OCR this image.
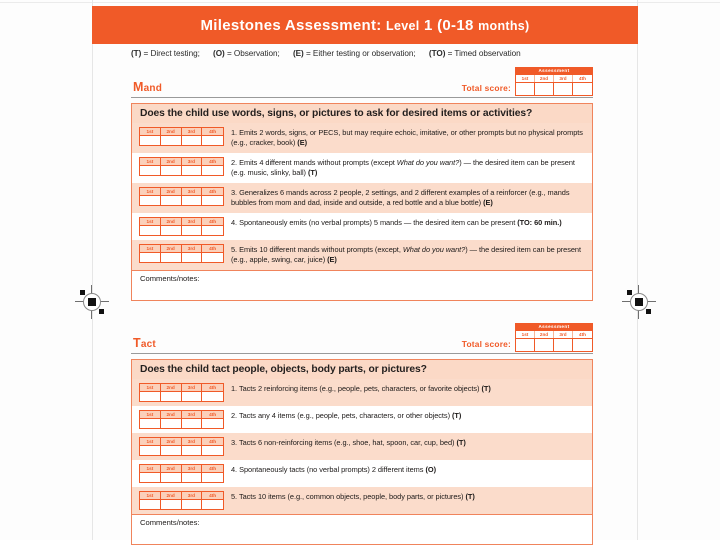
Milestones Assessment: Level 1 (0-18 months)
(T) = Direct testing; (O) = Observation; (E) = Either testing or observation; (TO) = Timed observation
Mand	Total score:
Assessment
1st	2nd	3rd	4th
Does the child use words, signs, or pictures to ask for desired items or activities?
1st	2nd	3rd	4th	1. Emits 2 words, signs, or PECS, but may require echoic, imitative, or other prompts but no physical prompts (e.g., cracker, book) (E)
1st	2nd	3rd	4th	2. Emits 4 different mands without prompts (except What do you want?) — the desired item can be present (e.g. music, slinky, ball) (T)
1st	2nd	3rd	4th	3. Generalizes 6 mands across 2 people, 2 settings, and 2 different examples of a reinforcer (e.g., mands bubbles from mom and dad, inside and outside, a red bottle and a blue bottle) (E)
1st	2nd	3rd	4th	4. Spontaneously emits (no verbal prompts) 5 mands — the desired item can be present (TO: 60 min.)
1st	2nd	3rd	4th	5. Emits 10 different mands without prompts (except, What do you want?) — the desired item can be present (e.g., apple, swing, car, juice) (E)
Comments/notes:
Tact	Total score:
Assessment
1st	2nd	3rd	4th
Does the child tact people, objects, body parts, or pictures?
1st	2nd	3rd	4th	1. Tacts 2 reinforcing items (e.g., people, pets, characters, or favorite objects) (T)
1st	2nd	3rd	4th	2. Tacts any 4 items (e.g., people, pets, characters, or other objects) (T)
1st	2nd	3rd	4th	3. Tacts 6 non-reinforcing items (e.g., shoe, hat, spoon, car, cup, bed) (T)
1st	2nd	3rd	4th	4. Spontaneously tacts (no verbal prompts) 2 different items (O)
1st	2nd	3rd	4th	5. Tacts 10 items (e.g., common objects, people, body parts, or pictures) (T)
Comments/notes:
